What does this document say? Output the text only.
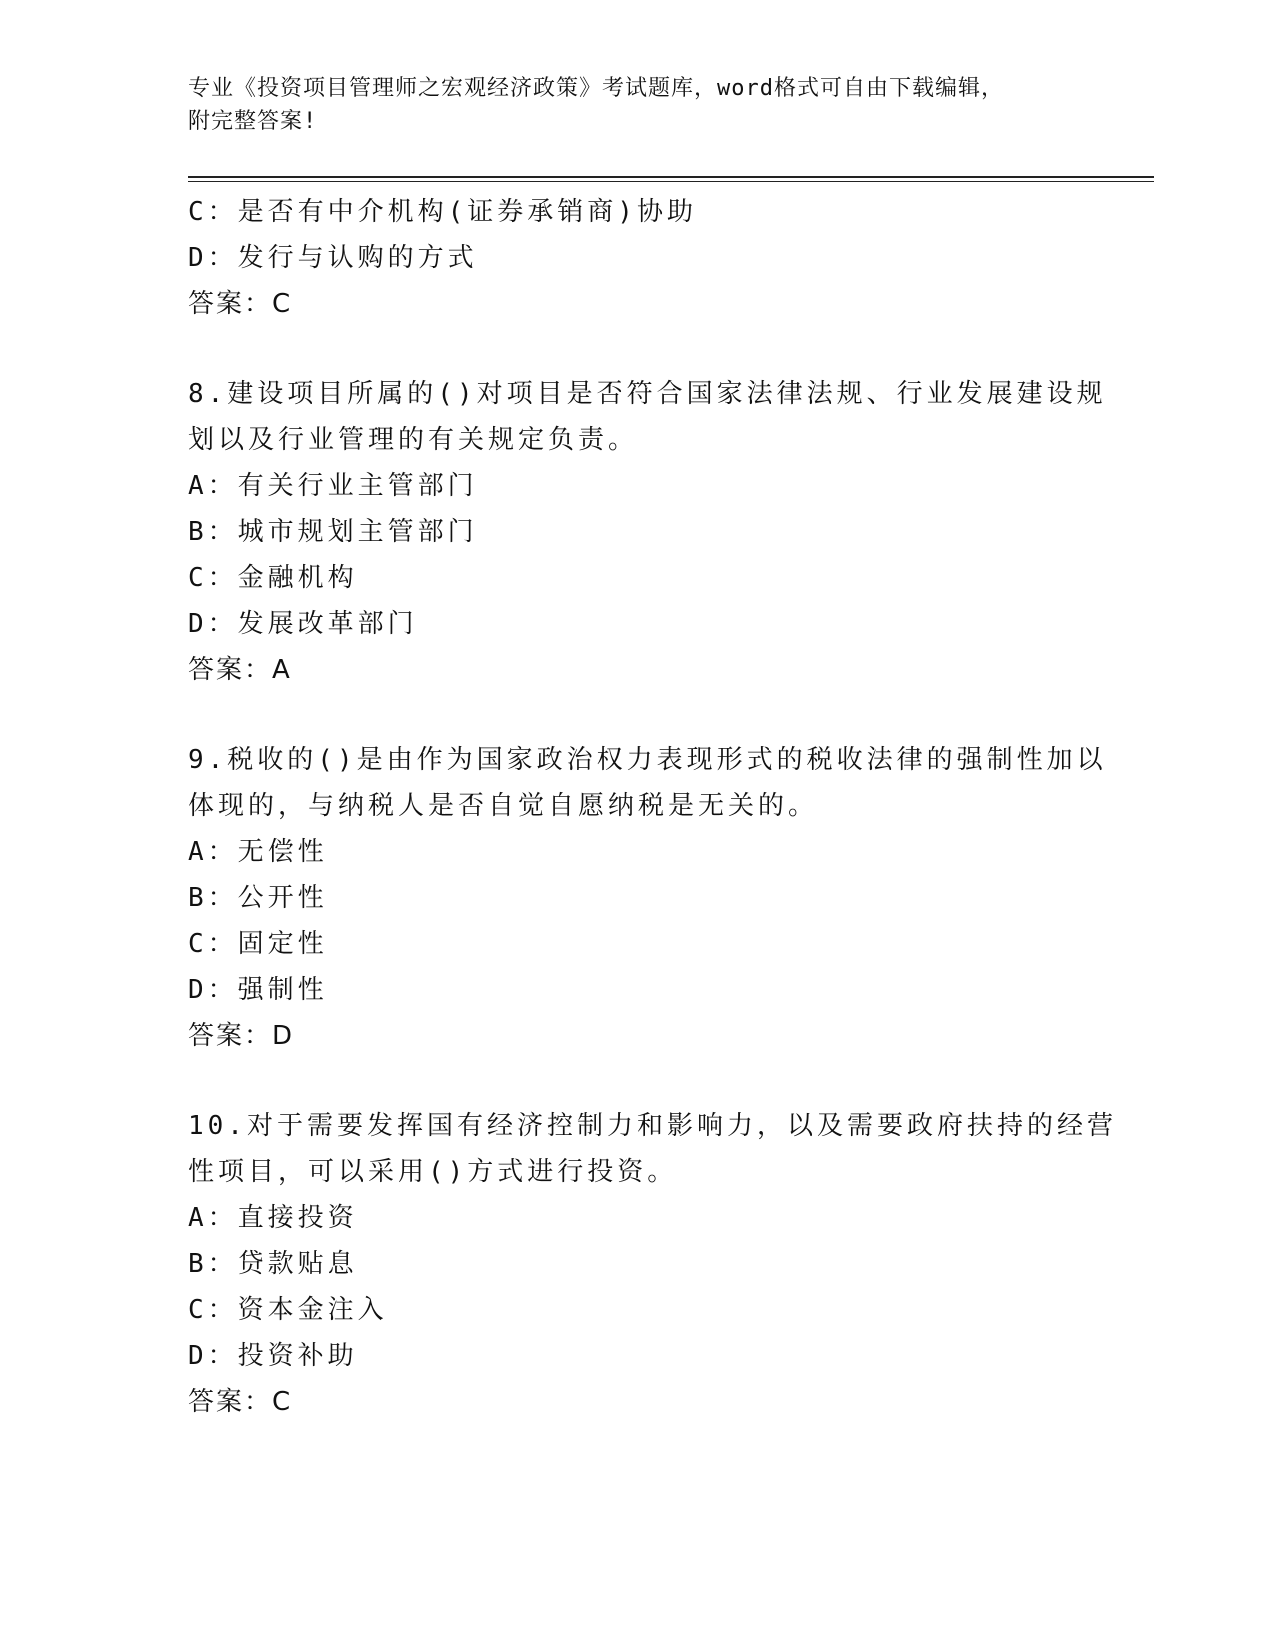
专业《投资项目管理师之宏观经济政策》考试题库，word格式可自由下载编辑，
附完整答案!
C：是否有中介机构(证券承销商)协助
D：发行与认购的方式
答案：C
8.建设项目所属的()对项目是否符合国家法律法规、行业发展建设规
划以及行业管理的有关规定负责。
A：有关行业主管部门
B：城市规划主管部门
C：金融机构
D：发展改革部门
答案：A
9.税收的()是由作为国家政治权力表现形式的税收法律的强制性加以
体现的，与纳税人是否自觉自愿纳税是无关的。
A：无偿性
B：公开性
C：固定性
D：强制性
答案：D
10.对于需要发挥国有经济控制力和影响力，以及需要政府扶持的经营
性项目，可以采用()方式进行投资。
A：直接投资
B：贷款贴息
C：资本金注入
D：投资补助
答案：C
